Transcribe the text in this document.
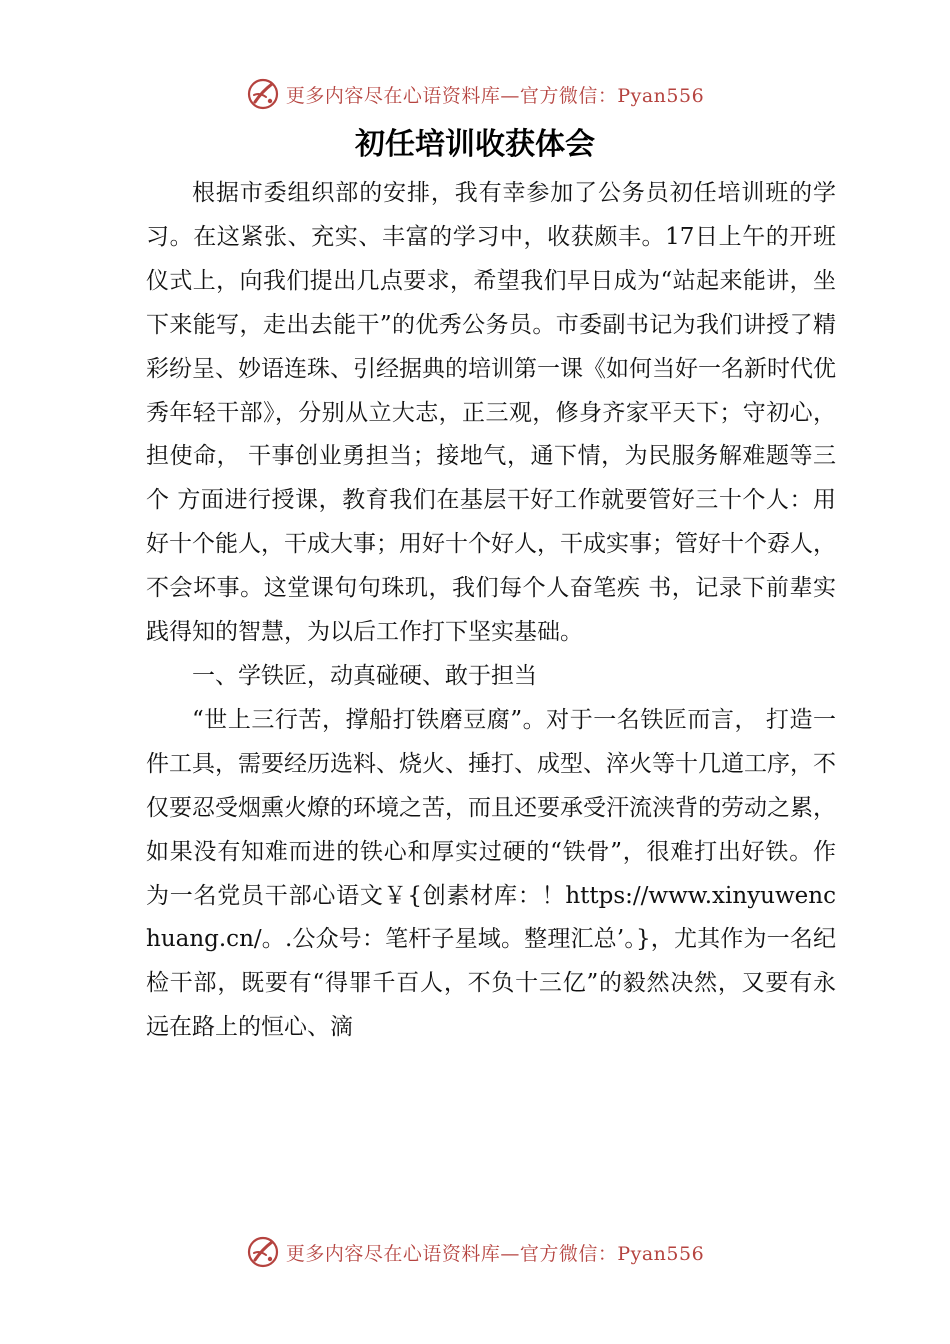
更多内容尽在心语资料库—官方微信：Pyan556
初任培训收获体会

根据市委组织部的安排，我有幸参加了公务员初任培训班的学习。在这紧张、充实、丰富的学习中，收获颇丰。17日上午的开班仪式上，向我们提出几点要求，希望我们早日成为“站起来能讲，坐下来能写，走出去能干”的优秀公务员。市委副书记为我们讲授了精彩纷呈、妙语连珠、引经据典的培训第一课《如何当好一名新时代优秀年轻干部》，分别从立大志，正三观，修身齐家平天下；守初心，担使命， 干事创业勇担当；接地气，通下情，为民服务解难题等三个 方面进行授课，教育我们在基层干好工作就要管好三十个人：用好十个能人，干成大事；用好十个好人，干成实事；管好十个孬人，不会坏事。这堂课句句珠玑，我们每个人奋笔疾 书，记录下前辈实践得知的智慧，为以后工作打下坚实基础。

一、学铁匠，动真碰硬、敢于担当

“世上三行苦，撑船打铁磨豆腐”。对于一名铁匠而言， 打造一件工具，需要经历选料、烧火、捶打、成型、淬火等十几道工序，不仅要忍受烟熏火燎的环境之苦，而且还要承受汗流浃背的劳动之累，如果没有知难而进的铁心和厚实过硬的“铁骨”，很难打出好铁。作为一名党员干部心语文￥{创素材库：！https://www.xinyuwenchuang.cn/。.公众号：笔杆子星域。整理汇总’。}，尤其作为一名纪检干部，既要有“得罪千百人，不负十三亿”的毅然决然，又要有永远在路上的恒心、滴

更多内容尽在心语资料库—官方微信：Pyan556
